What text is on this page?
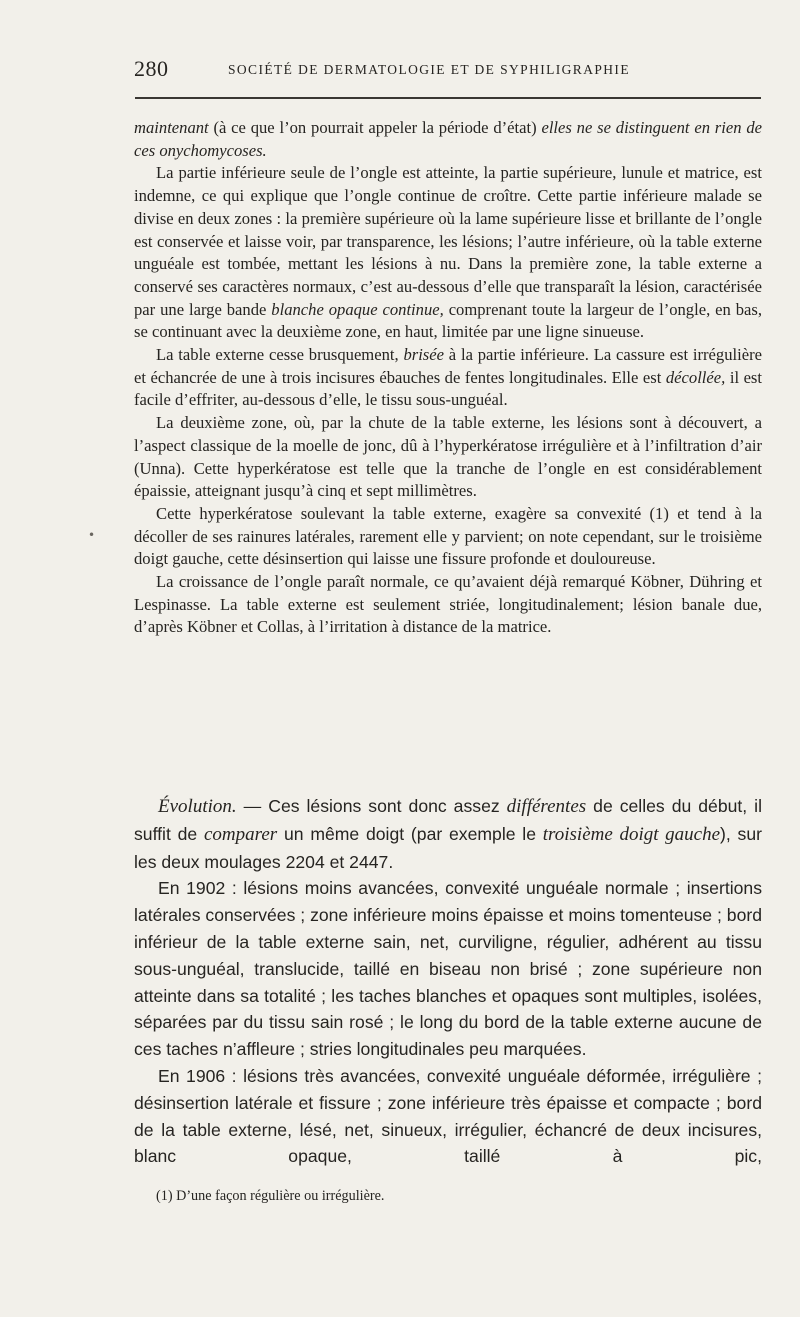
280	SOCIÉTÉ DE DERMATOLOGIE ET DE SYPHILIGRAPHIE

maintenant (à ce que l’on pourrait appeler la période d’état) elles ne se distinguent en rien de ces onychomycoses.

La partie inférieure seule de l’ongle est atteinte, la partie supérieure, lunule et matrice, est indemne, ce qui explique que l’ongle continue de croître. Cette partie inférieure malade se divise en deux zones : la première supérieure où la lame supérieure lisse et brillante de l’ongle est conservée et laisse voir, par transparence, les lésions; l’autre inférieure, où la table externe unguéale est tombée, mettant les lésions à nu. Dans la première zone, la table externe a conservé ses caractères normaux, c’est au-dessous d’elle que transparaît la lésion, caractérisée par une large bande blanche opaque continue, comprenant toute la largeur de l’ongle, en bas, se continuant avec la deuxième zone, en haut, limitée par une ligne sinueuse.

La table externe cesse brusquement, brisée à la partie inférieure. La cassure est irrégulière et échancrée de une à trois incisures ébauches de fentes longitudinales. Elle est décollée, il est facile d’effriter, au-dessous d’elle, le tissu sous-unguéal.

La deuxième zone, où, par la chute de la table externe, les lésions sont à découvert, a l’aspect classique de la moelle de jonc, dû à l’hyperkératose irrégulière et à l’infiltration d’air (Unna). Cette hyperkératose est telle que la tranche de l’ongle en est considérablement épaissie, atteignant jusqu’à cinq et sept millimètres.

Cette hyperkératose soulevant la table externe, exagère sa convexité (1) et tend à la décoller de ses rainures latérales, rarement elle y parvient; on note cependant, sur le troisième doigt gauche, cette désinsertion qui laisse une fissure profonde et douloureuse.

La croissance de l’ongle paraît normale, ce qu’avaient déjà remarqué Köbner, Dühring et Lespinasse. La table externe est seulement striée, longitudinalement; lésion banale due, d’après Köbner et Collas, à l’irritation à distance de la matrice.

Évolution. — Ces lésions sont donc assez différentes de celles du début, il suffit de comparer un même doigt (par exemple le troisième doigt gauche), sur les deux moulages 2204 et 2447.

En 1902 : lésions moins avancées, convexité unguéale normale ; insertions latérales conservées ; zone inférieure moins épaisse et moins tomenteuse ; bord inférieur de la table externe sain, net, curviligne, régulier, adhérent au tissu sous-unguéal, translucide, taillé en biseau non brisé ; zone supérieure non atteinte dans sa totalité ; les taches blanches et opaques sont multiples, isolées, séparées par du tissu sain rosé ; le long du bord de la table externe aucune de ces taches n’affleure ; stries longitudinales peu marquées.

En 1906 : lésions très avancées, convexité unguéale déformée, irrégulière ; désinsertion latérale et fissure ; zone inférieure très épaisse et compacte ; bord de la table externe, lésé, net, sinueux, irrégulier, échancré de deux incisures, blanc opaque, taillé à pic,

(1) D’une façon régulière ou irrégulière.
•
